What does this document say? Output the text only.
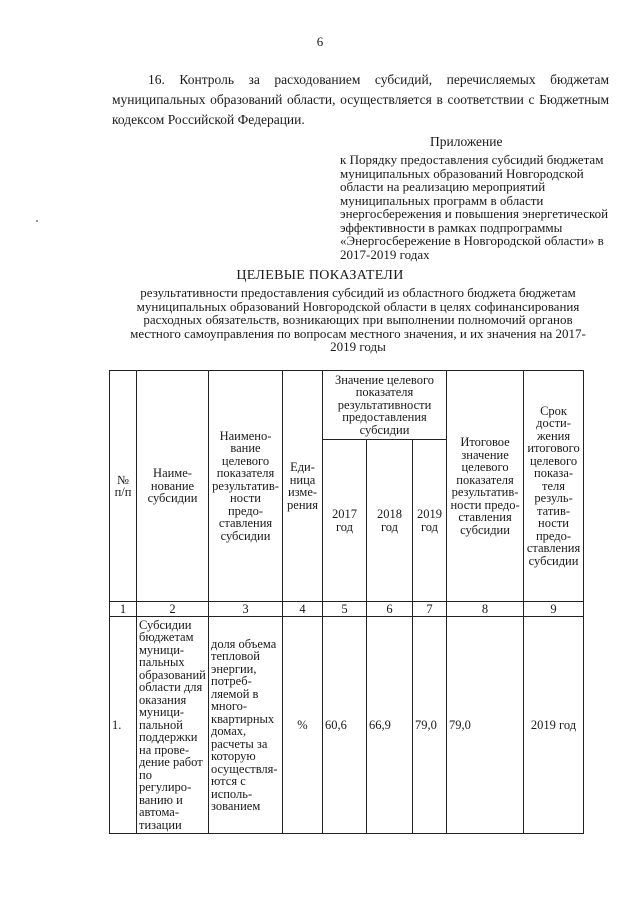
6
16. Контроль за расходованием субсидий, перечисляемых бюджетам муниципальных образований области, осуществляется в соответствии с Бюджетным кодексом Российской Федерации.
Приложение
к Порядку предоставления субсидий бюджетам муниципальных образований Новгородской области на реализацию мероприятий муниципальных программ в области энергосбережения и повышения энергетической эффективности в рамках подпрограммы «Энергосбережение в Новгородской области» в 2017-2019 годах
ЦЕЛЕВЫЕ ПОКАЗАТЕЛИ
результативности предоставления субсидий из областного бюджета бюджетам муниципальных образований Новгородской области в целях софинансирования расходных обязательств, возникающих при выполнении полномочий органов местного самоуправления по вопросам местного значения, и их значения на 2017-2019 годы
№ п/п	Наименование субсидии	Наименование целевого показателя результативности предоставления субсидии	Единица измерения	Значение целевого показателя результативности предоставления субсидии			Итоговое значение целевого показателя результативности предоставления субсидии	Срок достижения итогового целевого показателя результативности предоставления субсидии
				2017 год	2018 год	2019 год		
1	2	3	4	5	6	7	8	9
1.	Субсидии бюджетам муниципальных образований области для оказания муниципальной поддержки на проведение работ по регулированию и автоматизации	доля объема тепловой энергии, потребляемой в многоквартирных домах, расчеты за которую осуществляются с использованием	%	60,6	66,9	79,0	79,0	2019 год
